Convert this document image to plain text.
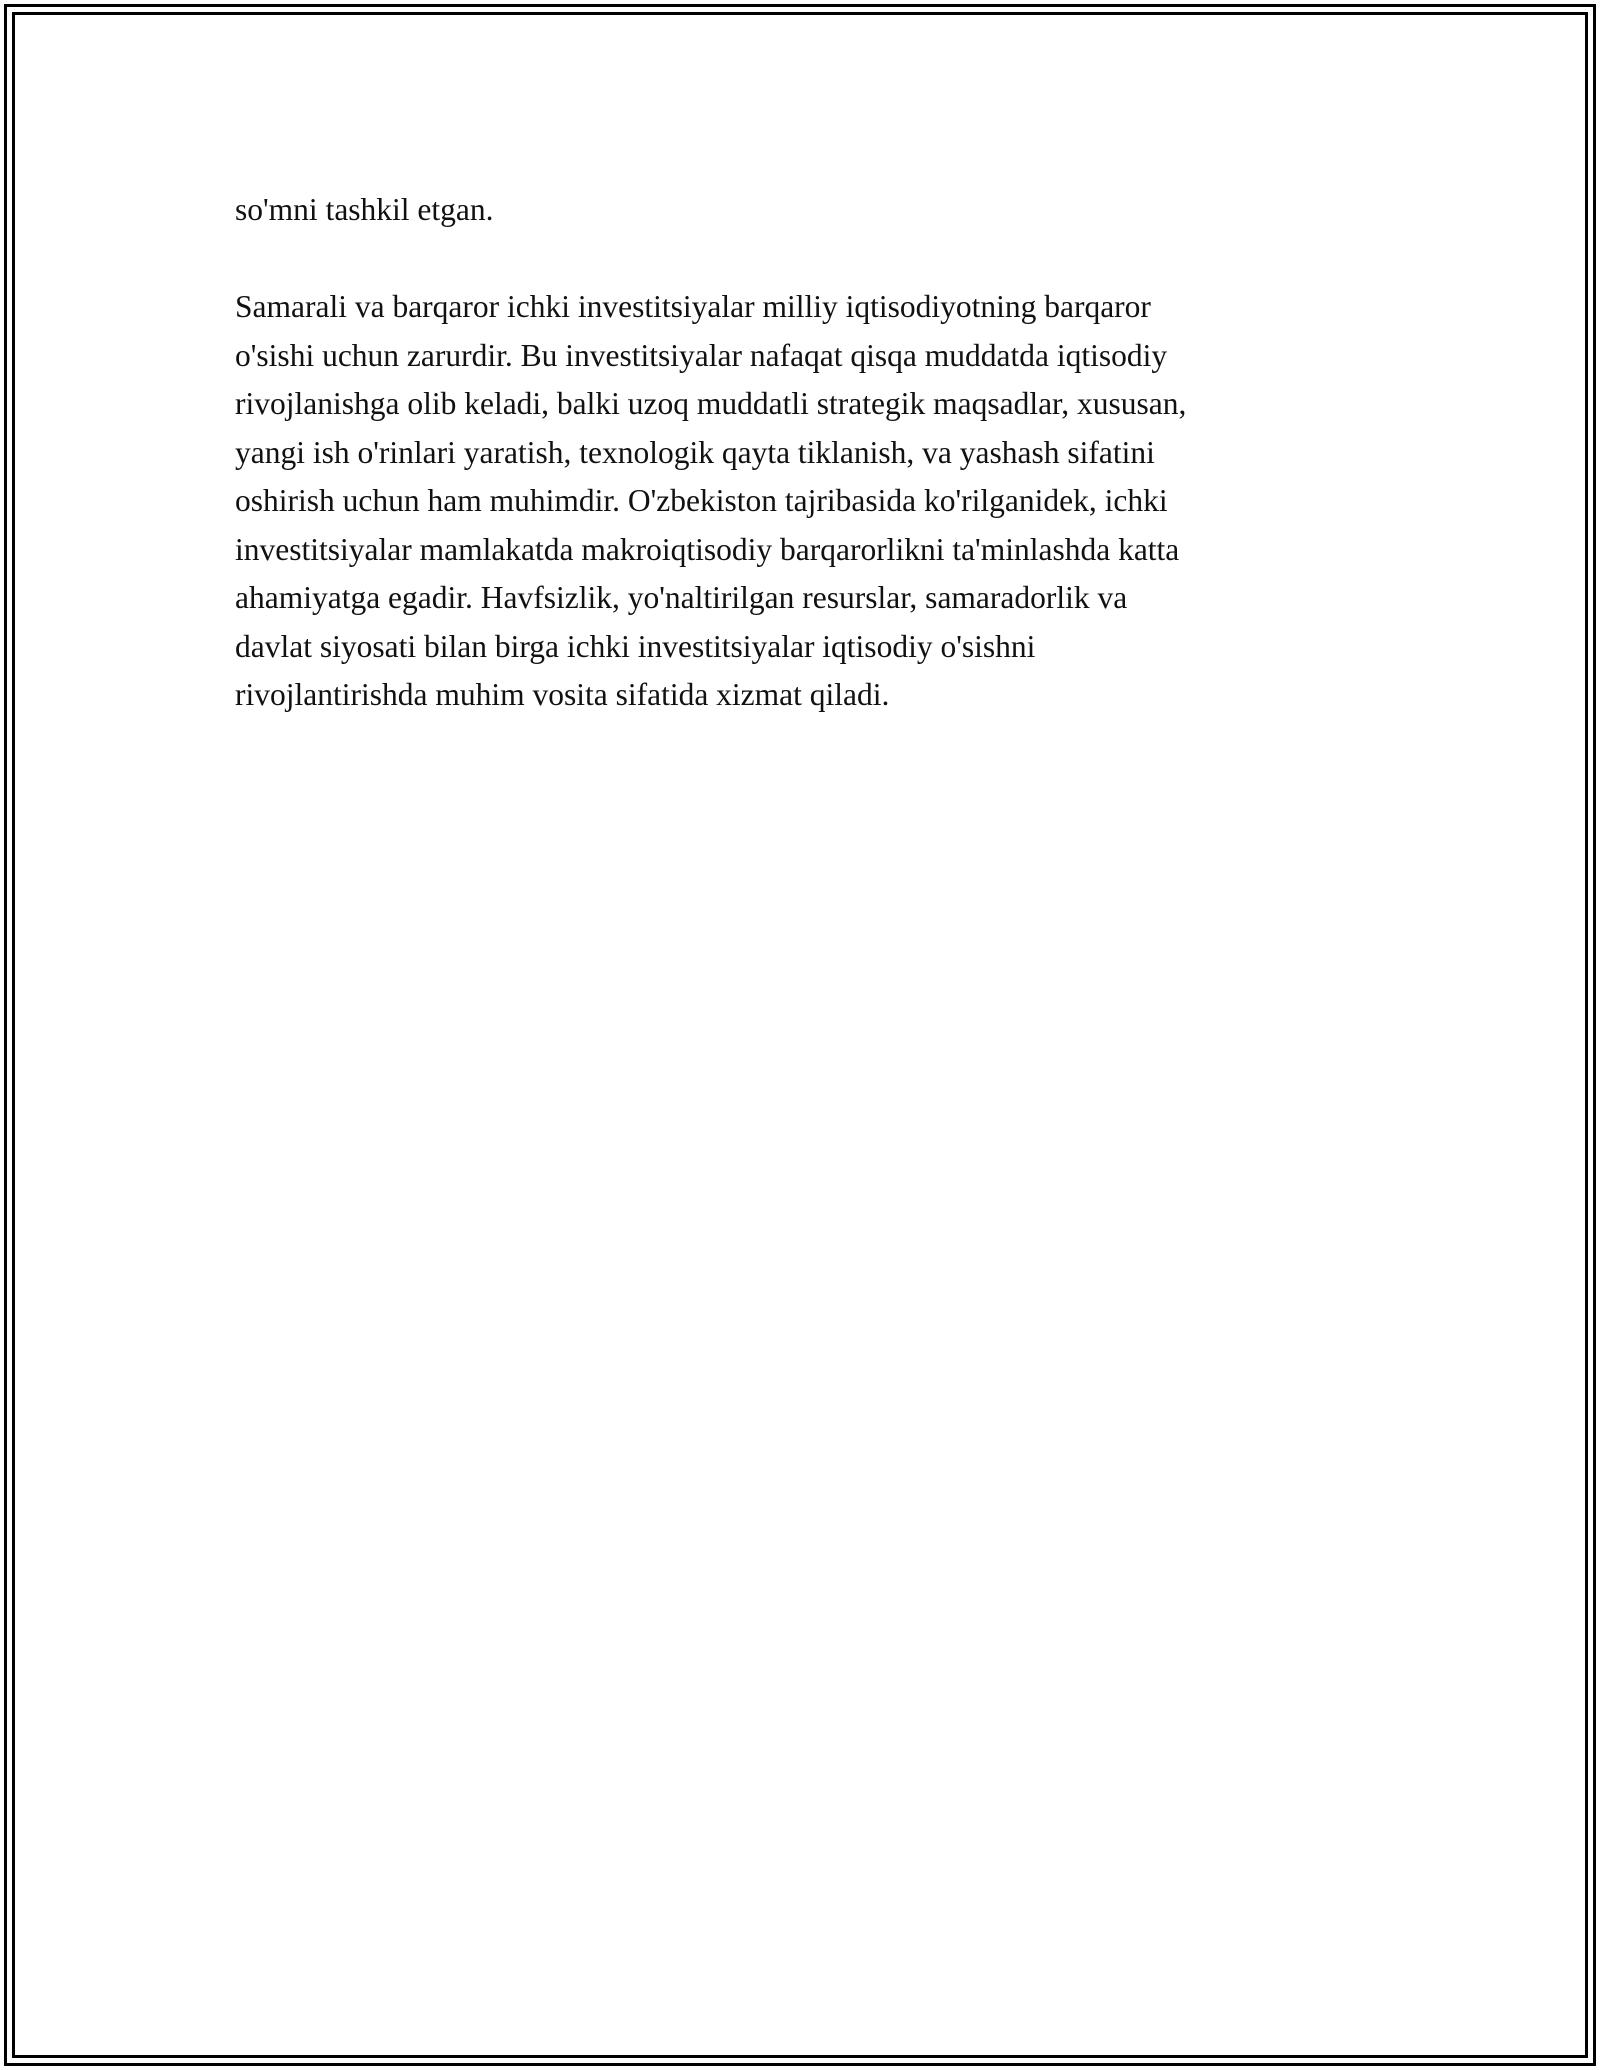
so'mni tashkil etgan.

Samarali va barqaror ichki investitsiyalar milliy iqtisodiyotning barqaror
o'sishi uchun zarurdir. Bu investitsiyalar nafaqat qisqa muddatda iqtisodiy
rivojlanishga olib keladi, balki uzoq muddatli strategik maqsadlar, xususan,
yangi ish o'rinlari yaratish, texnologik qayta tiklanish, va yashash sifatini
oshirish uchun ham muhimdir. O'zbekiston tajribasida ko'rilganidek, ichki
investitsiyalar mamlakatda makroiqtisodiy barqarorlikni ta'minlashda katta
ahamiyatga egadir. Havfsizlik, yo'naltirilgan resurslar, samaradorlik va
davlat siyosati bilan birga ichki investitsiyalar iqtisodiy o'sishni
rivojlantirishda muhim vosita sifatida xizmat qiladi.
